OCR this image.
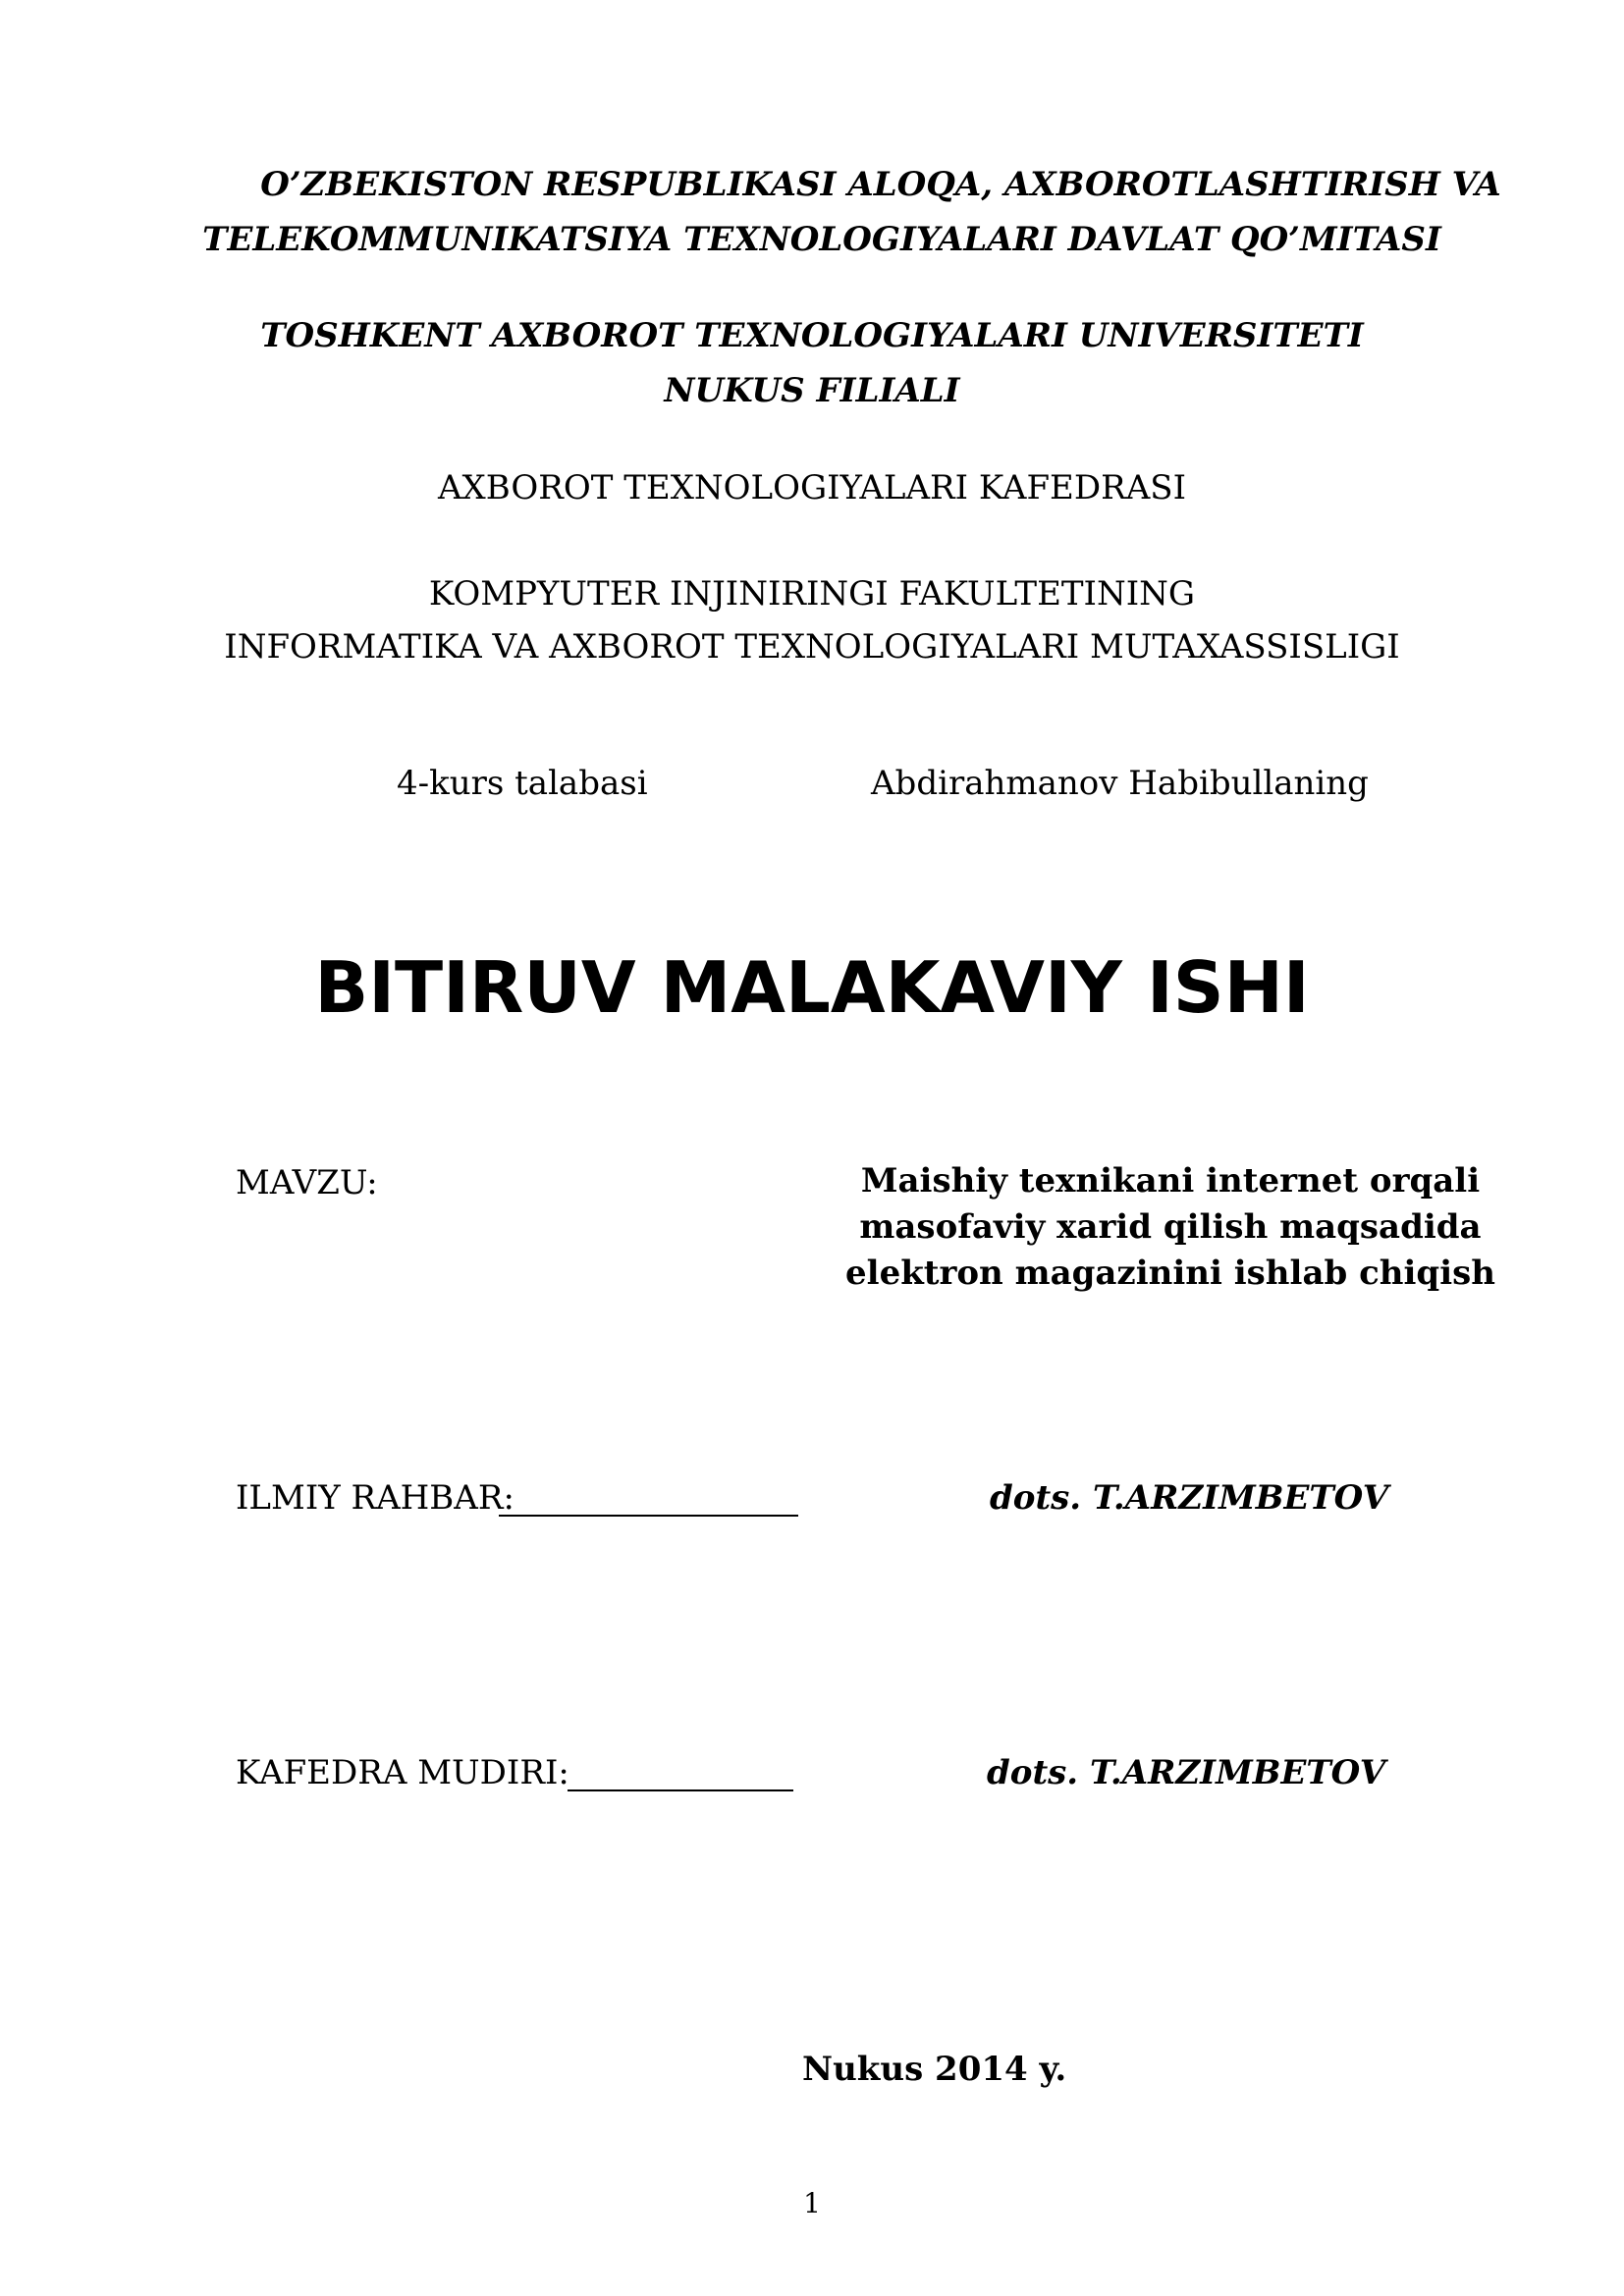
O’ZBEKISTON RESPUBLIKASI ALOQA, AXBOROTLASHTIRISH VA
TELEKOMMUNIKATSIYA TEXNOLOGIYALARI DAVLAT QO’MITASI
TOSHKENT AXBOROT TEXNOLOGIYALARI UNIVERSITETI
NUKUS FILIALI
AXBOROT TEXNOLOGIYALARI KAFEDRASI
KOMPYUTER INJINIRINGI FAKULTETINING
INFORMATIKA VA AXBOROT TEXNOLOGIYALARI MUTAXASSISLIGI
4-kurs talabasi	Abdirahmanov Habibullaning
BITIRUV MALAKAVIY ISHI
MAVZU:	Maishiy texnikani internet orqali
masofaviy xarid qilish maqsadida
elektron magazinini ishlab chiqish
ILMIY RAHBAR:	dots. T.ARZIMBETOV
KAFEDRA MUDIRI:	dots. T.ARZIMBETOV
Nukus 2014 y.
1
